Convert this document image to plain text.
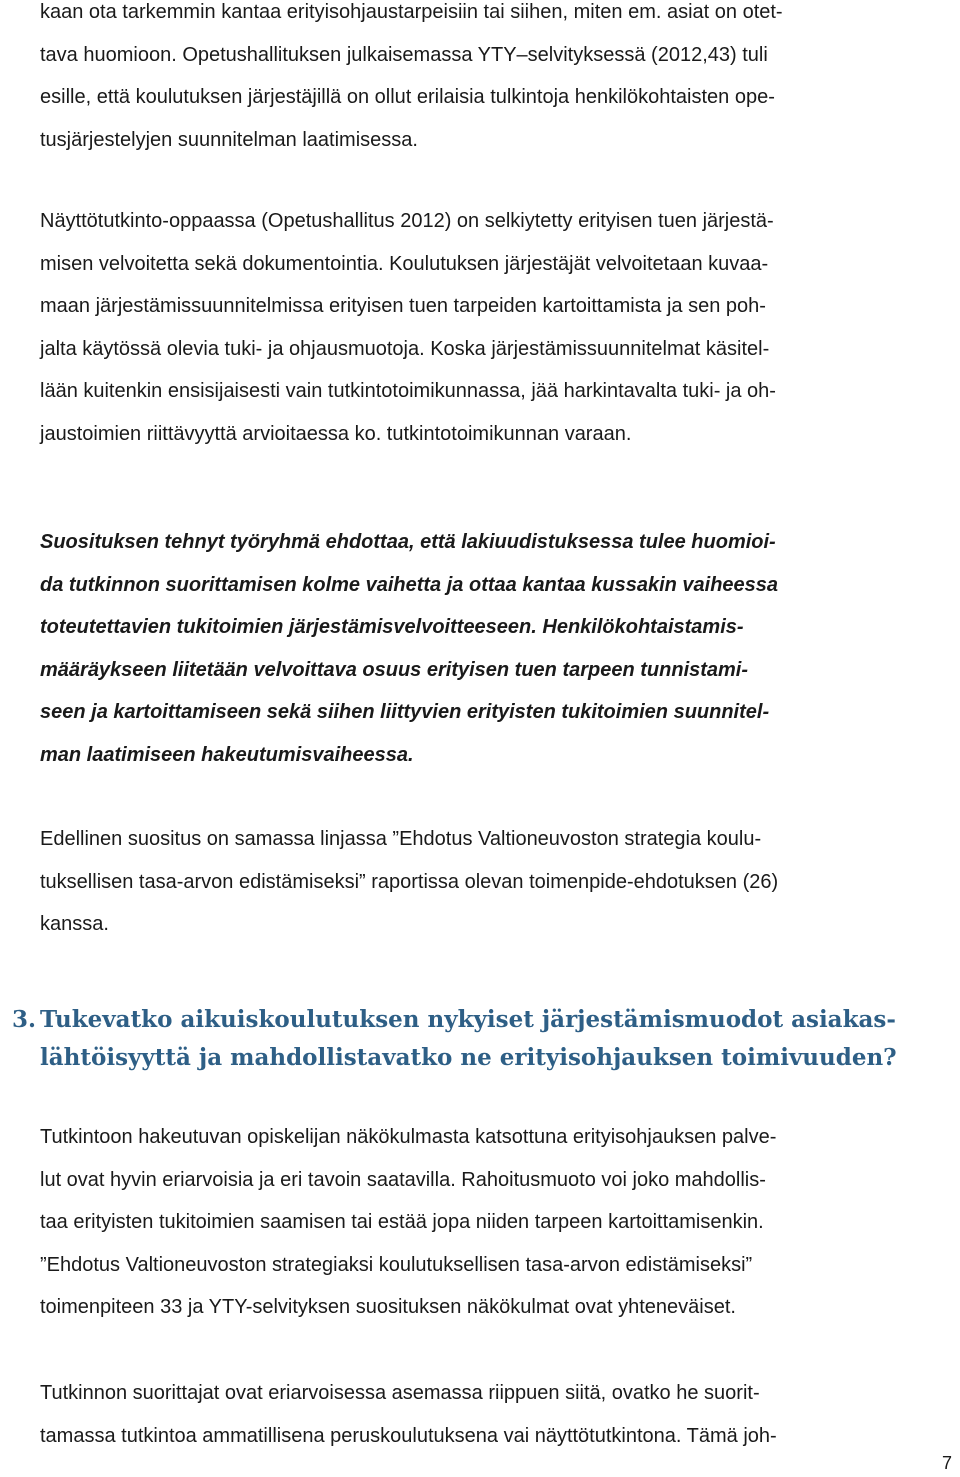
kaan ota tarkemmin kantaa erityisohjaustarpeisiin tai siihen, miten em. asiat on otet-
tava huomioon. Opetushallituksen julkaisemassa YTY–selvityksessä (2012,43) tuli
esille, että koulutuksen järjestäjillä on ollut erilaisia tulkintoja henkilökohtaisten ope-
tusjärjestelyjen suunnitelman laatimisessa.
Näyttötutkinto-oppaassa (Opetushallitus 2012) on selkiytetty erityisen tuen järjestä-
misen velvoitetta sekä dokumentointia. Koulutuksen järjestäjät velvoitetaan kuvaa-
maan järjestämissuunnitelmissa erityisen tuen tarpeiden kartoittamista ja sen poh-
jalta käytössä olevia tuki- ja ohjausmuotoja. Koska järjestämissuunnitelmat käsitel-
lään kuitenkin ensisijaisesti vain tutkintotoimikunnassa, jää harkintavalta tuki- ja oh-
jaustoimien riittävyyttä arvioitaessa ko. tutkintotoimikunnan varaan.
Suosituksen tehnyt työryhmä ehdottaa, että lakiuudistuksessa tulee huomioi-
da tutkinnon suorittamisen kolme vaihetta ja ottaa kantaa kussakin vaiheessa
toteutettavien tukitoimien järjestämisvelvoitteeseen. Henkilökohtaistamis-
määräykseen liitetään velvoittava osuus erityisen tuen tarpeen tunnistami-
seen ja kartoittamiseen sekä siihen liittyvien erityisten tukitoimien suunnitel-
man laatimiseen hakeutumisvaiheessa.
Edellinen suositus on samassa linjassa ”Ehdotus Valtioneuvoston strategia koulu-
tuksellisen tasa-arvon edistämiseksi” raportissa olevan toimenpide-ehdotuksen (26)
kanssa.
3. Tukevatko aikuiskoulutuksen nykyiset järjestämismuodot asiakas-
lähtöisyyttä ja mahdollistavatko ne erityisohjauksen toimivuuden?
Tutkintoon hakeutuvan opiskelijan näkökulmasta katsottuna erityisohjauksen palve-
lut ovat hyvin eriarvoisia ja eri tavoin saatavilla. Rahoitusmuoto voi joko mahdollis-
taa erityisten tukitoimien saamisen tai estää jopa niiden tarpeen kartoittamisenkin.
”Ehdotus Valtioneuvoston strategiaksi koulutuksellisen tasa-arvon edistämiseksi”
toimenpiteen 33 ja YTY-selvityksen suosituksen näkökulmat ovat yhteneväiset.
Tutkinnon suorittajat ovat eriarvoisessa asemassa riippuen siitä, ovatko he suorit-
tamassa tutkintoa ammatillisena peruskoulutuksena vai näyttötutkintona. Tämä joh-
7
